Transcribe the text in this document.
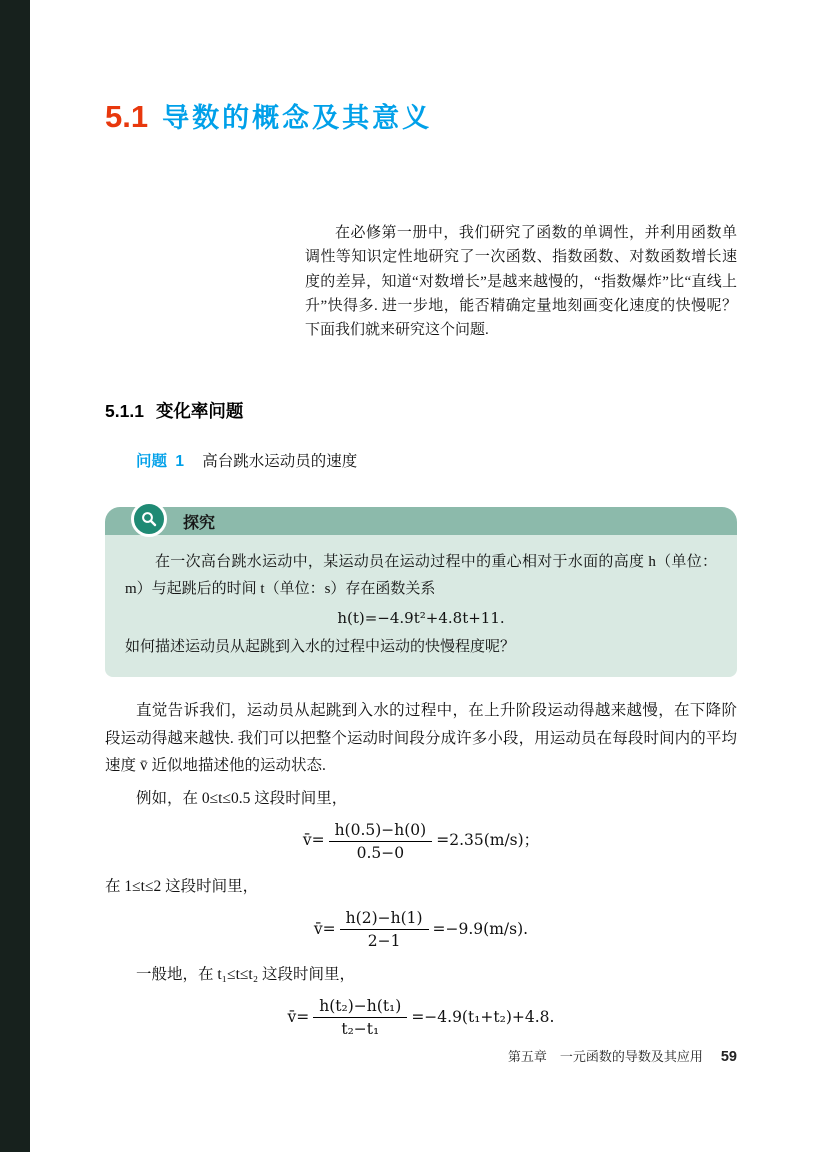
5.1 导数的概念及其意义
在必修第一册中，我们研究了函数的单调性，并利用函数单调性等知识定性地研究了一次函数、指数函数、对数函数增长速度的差异，知道“对数增长”是越来越慢的，“指数爆炸”比“直线上升”快得多. 进一步地，能否精确定量地刻画变化速度的快慢呢？下面我们就来研究这个问题.
5.1.1 变化率问题
问题 1 高台跳水运动员的速度
探究
在一次高台跳水运动中，某运动员在运动过程中的重心相对于水面的高度 h（单位：m）与起跳后的时间 t（单位：s）存在函数关系
h(t)=−4.9t²+4.8t+11.
如何描述运动员从起跳到入水的过程中运动的快慢程度呢？
直觉告诉我们，运动员从起跳到入水的过程中，在上升阶段运动得越来越慢，在下降阶段运动得越来越快. 我们可以把整个运动时间段分成许多小段，用运动员在每段时间内的平均速度 v̄ 近似地描述他的运动状态.
例如，在 0≤t≤0.5 这段时间里，
v̄= $\frac{h(0.5)-h(0)}{0.5-0} =2.35(m/s)$；
在 1≤t≤2 这段时间里，
v̄= $\frac{h(2)-h(1)}{2-1} =-9.9(m/s)$.
一般地，在 t₁≤t≤t₂ 这段时间里，
v̄= $\frac{\text{h(t₂)−h(t₁)}}{\text{t₂−t₁}} =-4.9(t_1+t_2)+4.8$.
第五章　一元函数的导数及其应用 59
